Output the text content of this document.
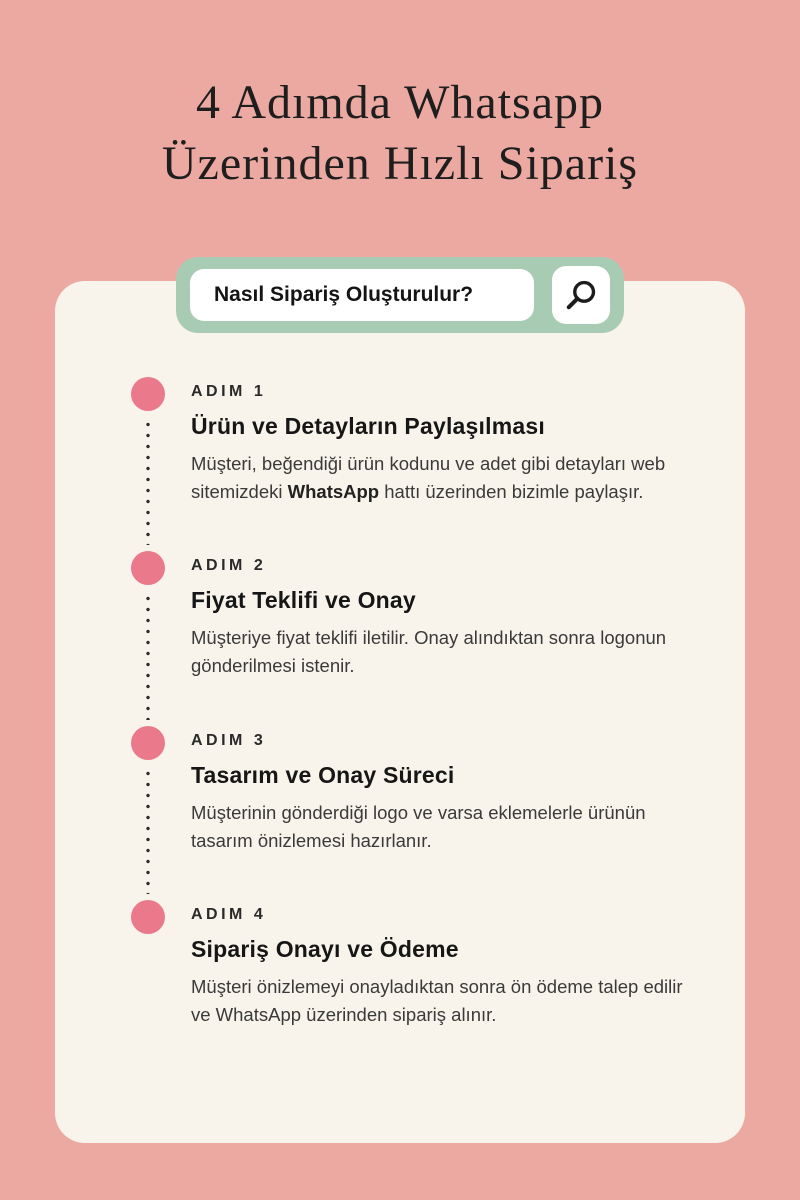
4 Adımda Whatsapp
Üzerinden Hızlı Sipariş
Nasıl Sipariş Oluşturulur?
ADIM 1
Ürün ve Detayların Paylaşılması

Müşteri, beğendiği ürün kodunu ve adet gibi detayları web sitemizdeki WhatsApp hattı üzerinden bizimle paylaşır.

ADIM 2
Fiyat Teklifi ve Onay

Müşteriye fiyat teklifi iletilir. Onay alındıktan sonra logonun gönderilmesi istenir.

ADIM 3
Tasarım ve Onay Süreci

Müşterinin gönderdiği logo ve varsa eklemelerle ürünün tasarım önizlemesi hazırlanır.

ADIM 4
Sipariş Onayı ve Ödeme

Müşteri önizlemeyi onayladıktan sonra ön ödeme talep edilir ve WhatsApp üzerinden sipariş alınır.
